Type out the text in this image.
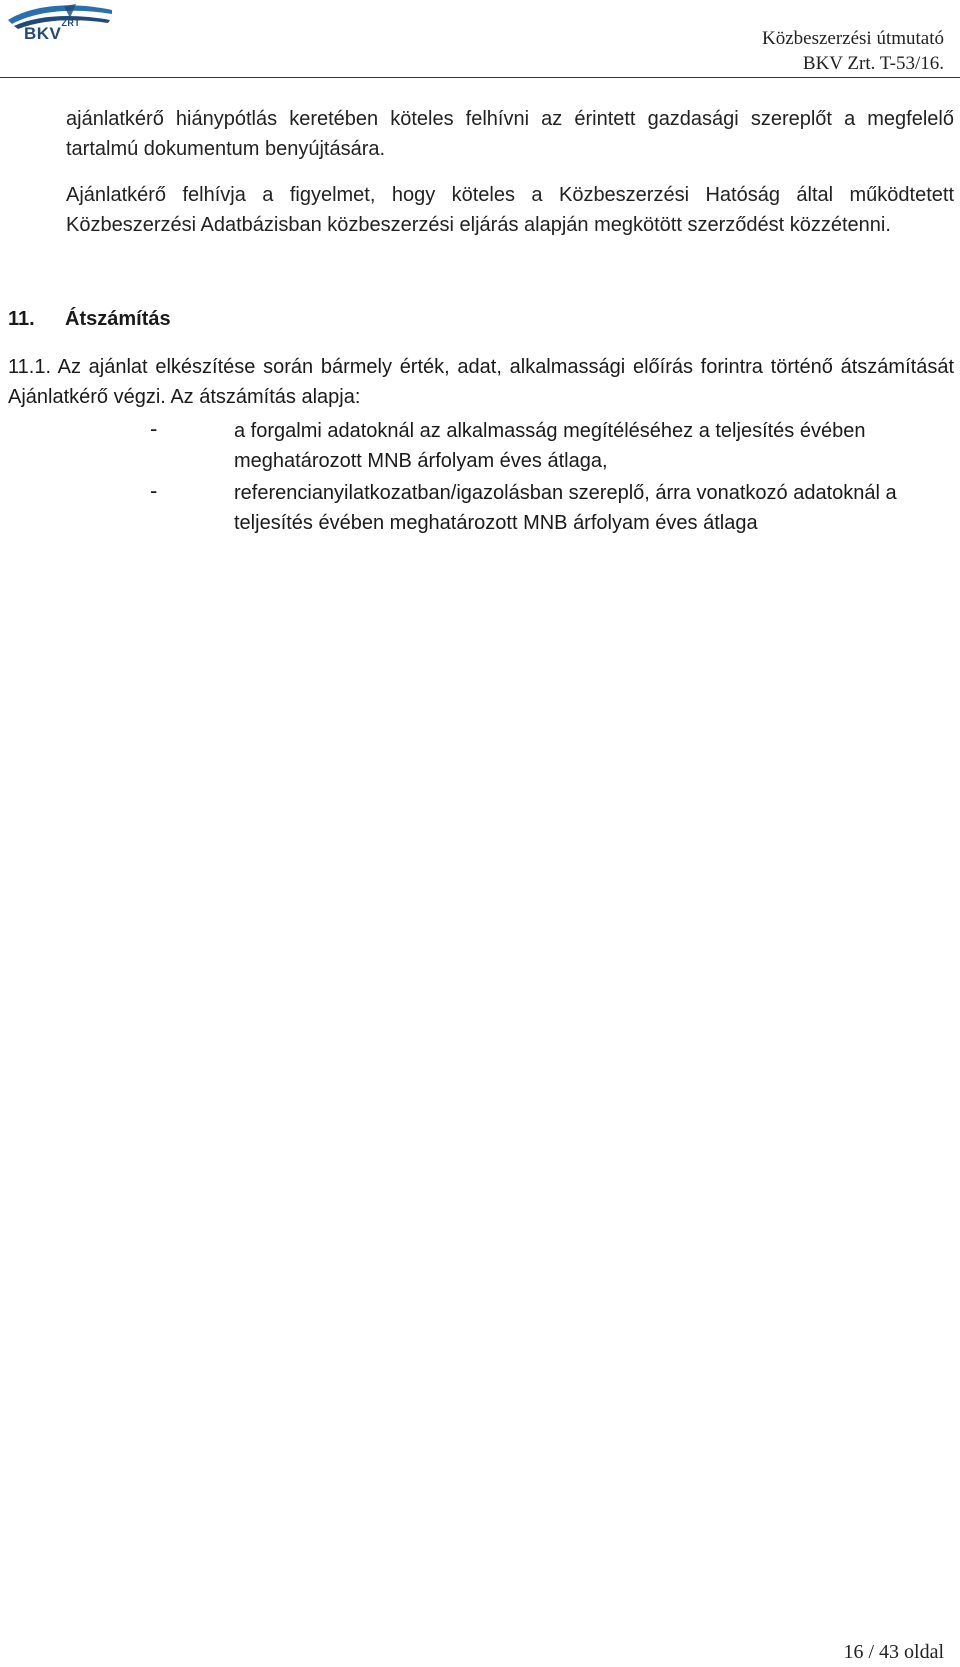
$BKV^{ZRT}$
Közbeszerzési útmutató
BKV Zrt. T-53/16.

ajánlatkérő hiánypótlás keretében köteles felhívni az érintett gazdasági szereplőt a megfelelő tartalmú dokumentum benyújtására.

Ajánlatkérő felhívja a figyelmet, hogy köteles a Közbeszerzési Hatóság által működtetett Közbeszerzési Adatbázisban közbeszerzési eljárás alapján megkötött szerződést közzétenni.

11. Átszámítás
11.1. Az ajánlat elkészítése során bármely érték, adat, alkalmassági előírás forintra történő átszámítását Ajánlatkérő végzi. Az átszámítás alapja:
-	a forgalmi adatoknál az alkalmasság megítéléséhez a teljesítés évében meghatározott MNB árfolyam éves átlaga,
-	referencianyilatkozatban/igazolásban szereplő, árra vonatkozó adatoknál a teljesítés évében meghatározott MNB árfolyam éves átlaga
16 / 43 oldal
